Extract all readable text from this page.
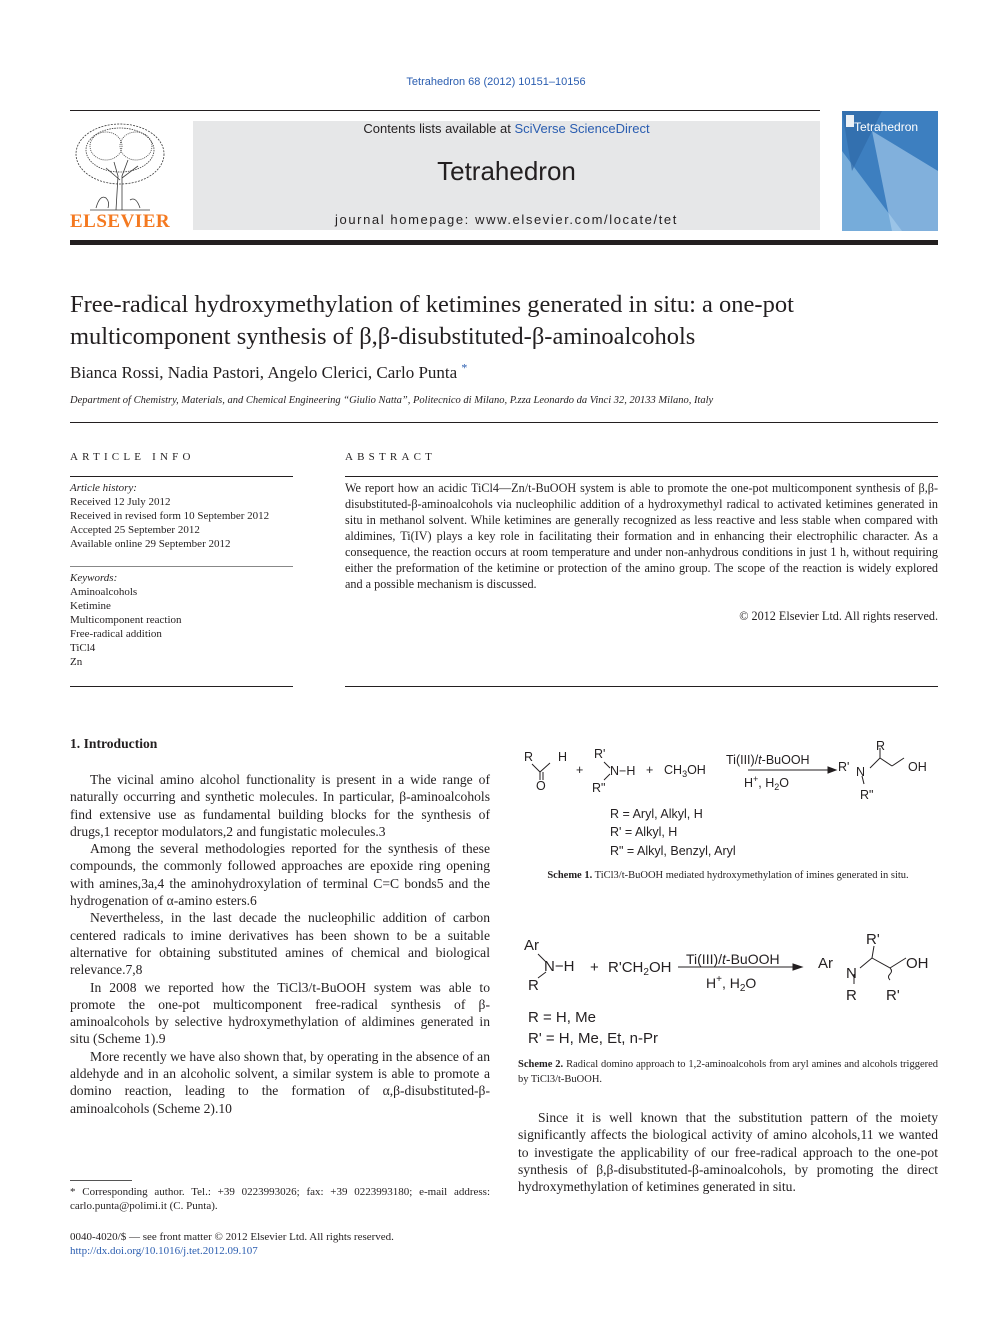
Tetrahedron 68 (2012) 10151–10156
ELSEVIER
Contents lists available at SciVerse ScienceDirect
Tetrahedron
journal homepage: www.elsevier.com/locate/tet
Tetrahedron
Free-radical hydroxymethylation of ketimines generated in situ: a one-pot
multicomponent synthesis of β,β-disubstituted-β-aminoalcohols
Bianca Rossi, Nadia Pastori, Angelo Clerici, Carlo Punta *
Department of Chemistry, Materials, and Chemical Engineering “Giulio Natta”, Politecnico di Milano, P.zza Leonardo da Vinci 32, 20133 Milano, Italy
ARTICLE INFO
Article history:
Received 12 July 2012
Received in revised form 10 September 2012
Accepted 25 September 2012
Available online 29 September 2012
Keywords:
Aminoalcohols
Ketimine
Multicomponent reaction
Free-radical addition
TiCl4
Zn
ABSTRACT
We report how an acidic TiCl4—Zn/t-BuOOH system is able to promote the one-pot multicomponent synthesis of β,β-disubstituted-β-aminoalcohols via nucleophilic addition of a hydroxymethyl radical to activated ketimines generated in situ in methanol solvent. While ketimines are generally recognized as less reactive and less stable when compared with aldimines, Ti(IV) plays a key role in facilitating their formation and in enhancing their electrophilic character. As a consequence, the reaction occurs at room temperature and under non-anhydrous conditions in just 1 h, without requiring either the preformation of the ketimine or protection of the amino group. The scope of the reaction is widely explored and a possible mechanism is discussed.
© 2012 Elsevier Ltd. All rights reserved.
1. Introduction

The vicinal amino alcohol functionality is present in a wide range of naturally occurring and synthetic molecules. In particular, β-aminoalcohols find extensive use as fundamental building blocks for the synthesis of drugs,1 receptor modulators,2 and fungistatic molecules.3

Among the several methodologies reported for the synthesis of these compounds, the commonly followed approaches are epoxide ring opening with amines,3a,4 the aminohydroxylation of terminal C=C bonds5 and the hydrogenation of α-amino esters.6

Nevertheless, in the last decade the nucleophilic addition of carbon centered radicals to imine derivatives has been shown to be a suitable alternative for obtaining substituted amines of chemical and biological relevance.7,8

In 2008 we reported how the TiCl3/t-BuOOH system was able to promote the one-pot multicomponent free-radical synthesis of β-aminoalcohols by selective hydroxymethylation of aldimines generated in situ (Scheme 1).9

More recently we have also shown that, by operating in the absence of an aldehyde and in an alcoholic solvent, a similar system is able to promote a domino reaction, leading to the formation of α,β-disubstituted-β-aminoalcohols (Scheme 2).10

* Corresponding author. Tel.: +39 0223993026; fax: +39 0223993180; e-mail address: carlo.punta@polimi.it (C. Punta).
0040-4020/$ — see front matter © 2012 Elsevier Ltd. All rights reserved.
http://dx.doi.org/10.1016/j.tet.2012.09.107
R H
O
+
R'
N−H
R"
+ $CH_3OH$
Ti(III)/t-BuOOH
H+, $H_2O$
R
R' N	OH
R"
R = Aryl, Alkyl, H
R' = Alkyl, H
R" = Alkyl, Benzyl, Aryl
Scheme 1. TiCl3/t-BuOOH mediated hydroxymethylation of imines generated in situ.
Ar
N−H
R
+ $R'CH_2OH$ Ti(III)/t-BuOOH
H+, $H_2O$
Ar
N
R'
OH
R R'
R = H, Me
R' = H, Me, Et, n-Pr
Scheme 2. Radical domino approach to 1,2-aminoalcohols from aryl amines and alcohols triggered by TiCl3/t-BuOOH.

Since it is well known that the substitution pattern of the moiety significantly affects the biological activity of amino alcohols,11 we wanted to investigate the applicability of our free-radical approach to the one-pot synthesis of β,β-disubstituted-β-aminoalcohols, by promoting the direct hydroxymethylation of ketimines generated in situ.
